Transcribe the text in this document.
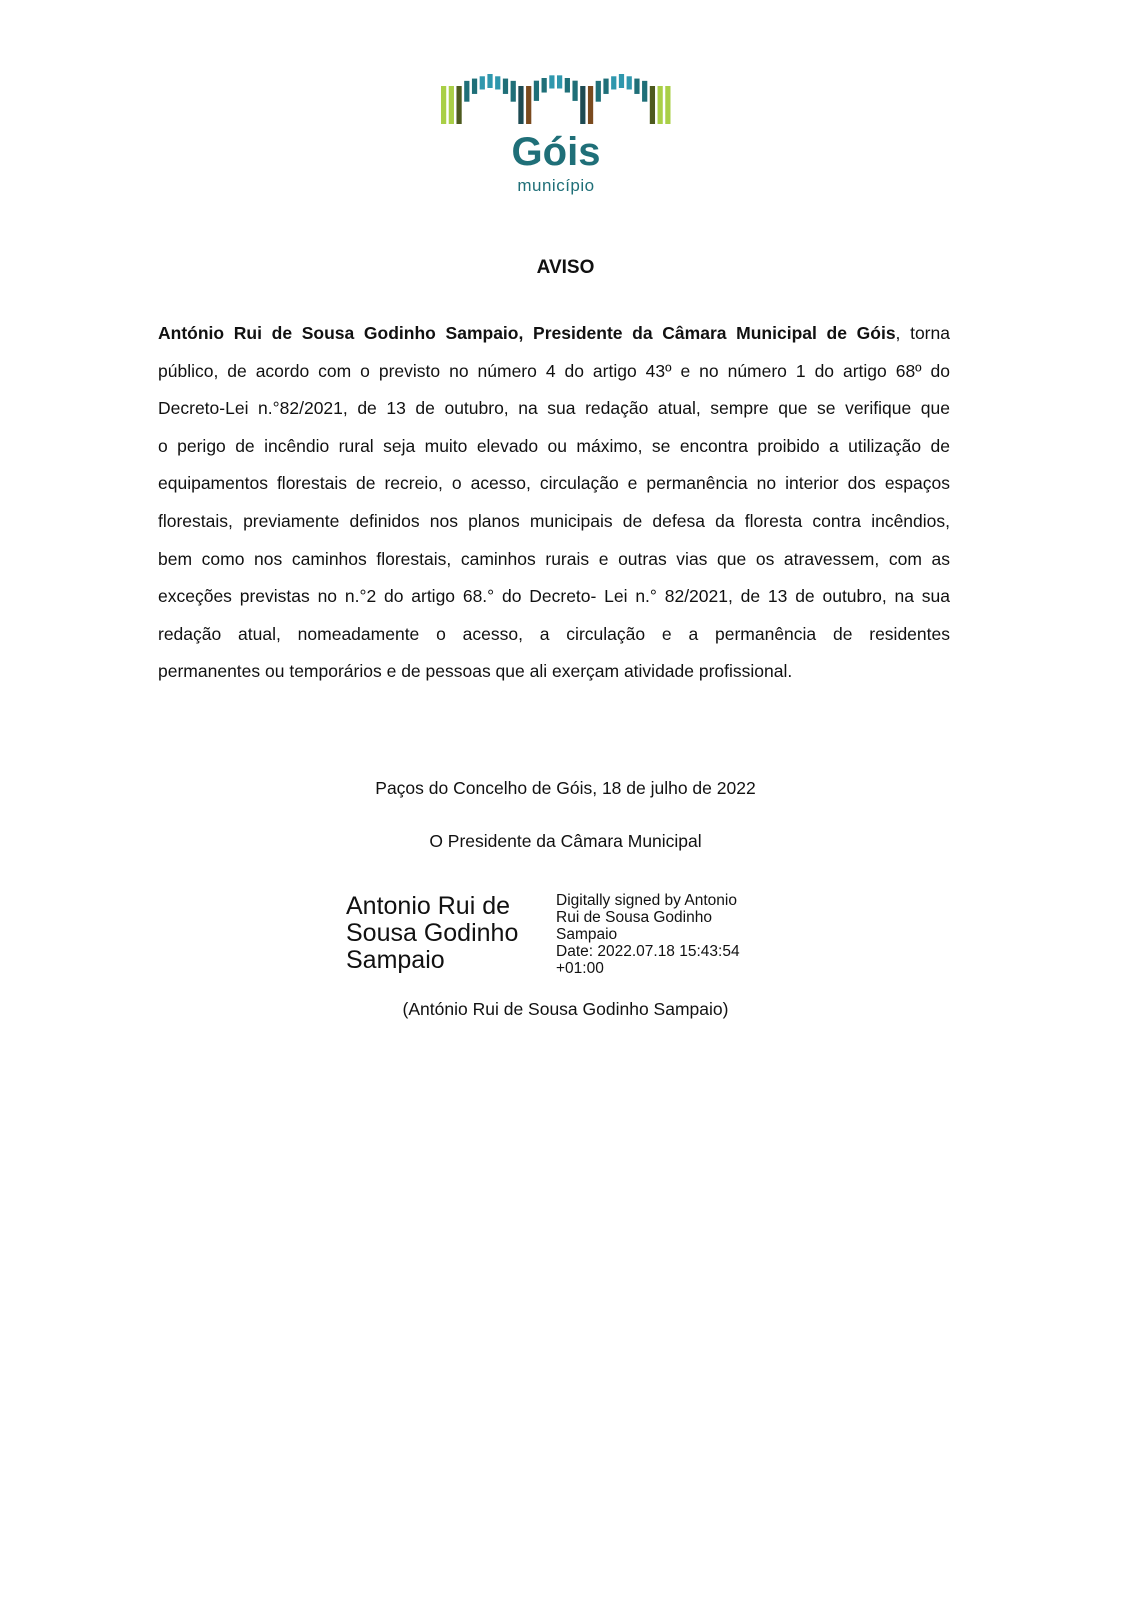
Góis
município
AVISO
António Rui de Sousa Godinho Sampaio, Presidente da Câmara Municipal de Góis, torna
público, de acordo com o previsto no número 4 do artigo 43º e no número 1 do artigo 68º do
Decreto-Lei n.°82/2021, de 13 de outubro, na sua redação atual, sempre que se verifique que
o perigo de incêndio rural seja muito elevado ou máximo, se encontra proibido a utilização de
equipamentos florestais de recreio, o acesso, circulação e permanência no interior dos espaços
florestais, previamente definidos nos planos municipais de defesa da floresta contra incêndios,
bem como nos caminhos florestais, caminhos rurais e outras vias que os atravessem, com as
exceções previstas no n.°2 do artigo 68.° do Decreto- Lei n.° 82/2021, de 13 de outubro, na sua
redação atual, nomeadamente o acesso, a circulação e a permanência de residentes
permanentes ou temporários e de pessoas que ali exerçam atividade profissional.
Paços do Concelho de Góis, 18 de julho de 2022
O Presidente da Câmara Municipal
Antonio Rui de
Sousa Godinho
Sampaio
Digitally signed by Antonio
Rui de Sousa Godinho
Sampaio
Date: 2022.07.18 15:43:54
+01:00
(António Rui de Sousa Godinho Sampaio)
